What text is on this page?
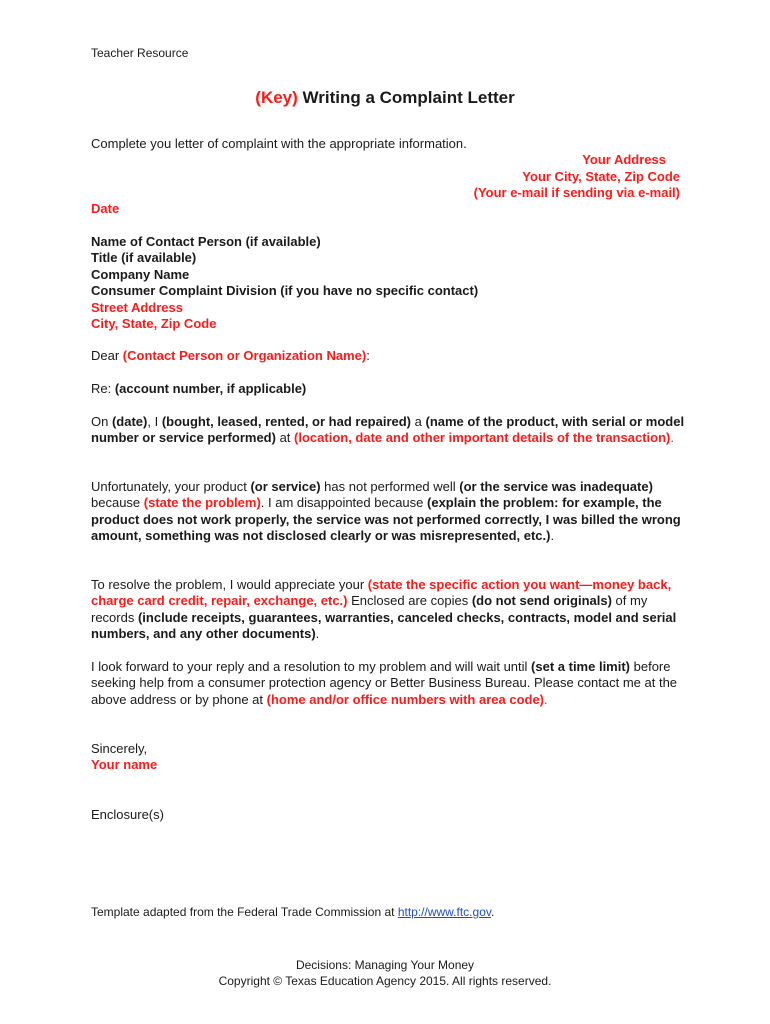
Teacher Resource
(Key) Writing a Complaint Letter
Complete you letter of complaint with the appropriate information.

Your Address

Your City, State, Zip Code

(Your e-mail if sending via e-mail)

Date

Name of Contact Person (if available)

Title (if available)

Company Name

Consumer Complaint Division (if you have no specific contact)

Street Address

City, State, Zip Code

Dear (Contact Person or Organization Name):
Re: (account number, if applicable)
On (date), I (bought, leased, rented, or had repaired) a (name of the product, with serial or model number or service performed) at (location, date and other important details of the transaction).
Unfortunately, your product (or service) has not performed well (or the service was inadequate) because (state the problem). I am disappointed because (explain the problem: for example, the product does not work properly, the service was not performed correctly, I was billed the wrong amount, something was not disclosed clearly or was misrepresented, etc.).
To resolve the problem, I would appreciate your (state the specific action you want—money back, charge card credit, repair, exchange, etc.) Enclosed are copies (do not send originals) of my records (include receipts, guarantees, warranties, canceled checks, contracts, model and serial numbers, and any other documents).
I look forward to your reply and a resolution to my problem and will wait until (set a time limit) before seeking help from a consumer protection agency or Better Business Bureau. Please contact me at the above address or by phone at (home and/or office numbers with area code).

Sincerely,

Your name

Enclosure(s)
Template adapted from the Federal Trade Commission at http://www.ftc.gov.

Decisions: Managing Your Money

Copyright © Texas Education Agency 2015. All rights reserved.
